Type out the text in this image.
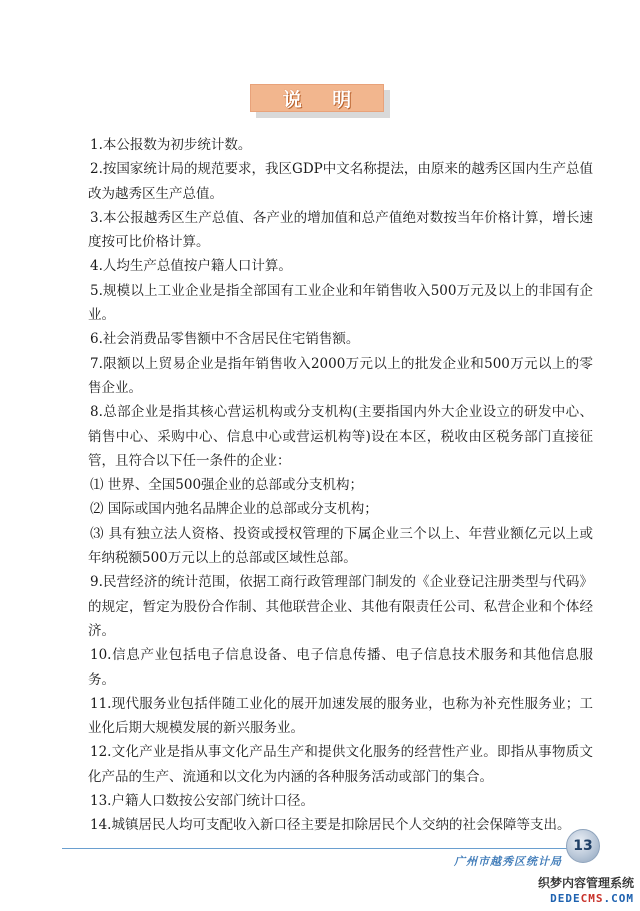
说 明

1.本公报数为初步统计数。

2.按国家统计局的规范要求，我区GDP中文名称提法，由原来的越秀区国内生产总值改为越秀区生产总值。

3.本公报越秀区生产总值、各产业的增加值和总产值绝对数按当年价格计算，增长速度按可比价格计算。

4.人均生产总值按户籍人口计算。

5.规模以上工业企业是指全部国有工业企业和年销售收入500万元及以上的非国有企业。

6.社会消费品零售额中不含居民住宅销售额。

7.限额以上贸易企业是指年销售收入2000万元以上的批发企业和500万元以上的零售企业。

8.总部企业是指其核心营运机构或分支机构(主要指国内外大企业设立的研发中心、销售中心、采购中心、信息中心或营运机构等)设在本区，税收由区税务部门直接征管，且符合以下任一条件的企业：

⑴ 世界、全国500强企业的总部或分支机构；

⑵ 国际或国内弛名品牌企业的总部或分支机构；

⑶ 具有独立法人资格、投资或授权管理的下属企业三个以上、年营业额亿元以上或年纳税额500万元以上的总部或区域性总部。

9.民营经济的统计范围，依据工商行政管理部门制发的《企业登记注册类型与代码》的规定，暂定为股份合作制、其他联营企业、其他有限责任公司、私营企业和个体经济。

10.信息产业包括电子信息设备、电子信息传播、电子信息技术服务和其他信息服务。

11.现代服务业包括伴随工业化的展开加速发展的服务业，也称为补充性服务业；工业化后期大规模发展的新兴服务业。

12.文化产业是指从事文化产品生产和提供文化服务的经营性产业。即指从事物质文化产品的生产、流通和以文化为内涵的各种服务活动或部门的集合。

13.户籍人口数按公安部门统计口径。

14.城镇居民人均可支配收入新口径主要是扣除居民个人交纳的社会保障等支出。

广州市越秀区统计局
13
织梦内容管理系统
DEDECMS.COM
